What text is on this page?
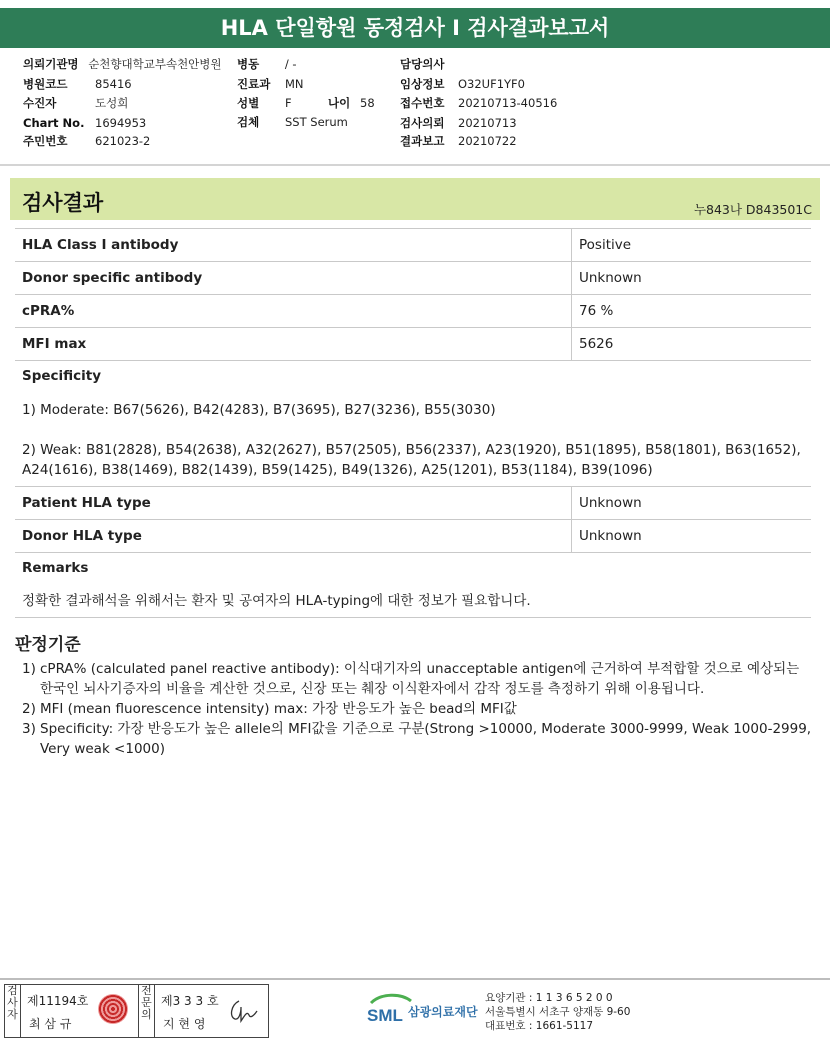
HLA 단일항원 동정검사 I 검사결과보고서
의뢰기관명 순천향대학교부속천안병원 병동 / -	담당의사
병원코드 85416	진료과 MN	임상정보 O32UF1YF0
수진자	도성희	성별 F	나이 58 접수번호 20210713-40516
Chart No. 1694953	검체 SST Serum	검사의뢰 20210713
주민번호 621023-2	결과보고 20210722
검사결과	누843나 D843501C
HLA Class Ⅰ antibody	Positive
Donor specific antibody	Unknown
cPRA%	76 %
MFI max	5626
Specificity
1) Moderate: B67(5626), B42(4283), B7(3695), B27(3236), B55(3030)
2) Weak: B81(2828), B54(2638), A32(2627), B57(2505), B56(2337), A23(1920), B51(1895), B58(1801), B63(1652), A24(1616), B38(1469), B82(1439), B59(1425), B49(1326), A25(1201), B53(1184), B39(1096)
Patient HLA type	Unknown
Donor HLA type	Unknown
Remarks
정확한 결과해석을 위해서는 환자 및 공여자의 HLA-typing에 대한 정보가 필요합니다.
판정기준
1) cPRA% (calculated panel reactive antibody): 이식대기자의 unacceptable antigen에 근거하여 부적합할 것으로 예상되는 한국인 뇌사기증자의 비율을 계산한 것으로, 신장 또는 췌장 이식환자에서 감작 정도를 측정하기 위해 이용됩니다.
2) MFI (mean fluorescence intensity) max: 가장 반응도가 높은 bead의 MFI값
3) Specificity: 가장 반응도가 높은 allele의 MFI값을 기준으로 구분(Strong >10000, Moderate 3000-9999, Weak 1000-2999, Very weak <1000)
검사자
제11194호
최 삼 규
전문의
제3 3 3 호
지 현 영	SML 삼광의료재단
요양기관 : 1 1 3 6 5 2 0 0
서울특별시 서초구 양재동 9-60
대표번호 : 1661-5117
